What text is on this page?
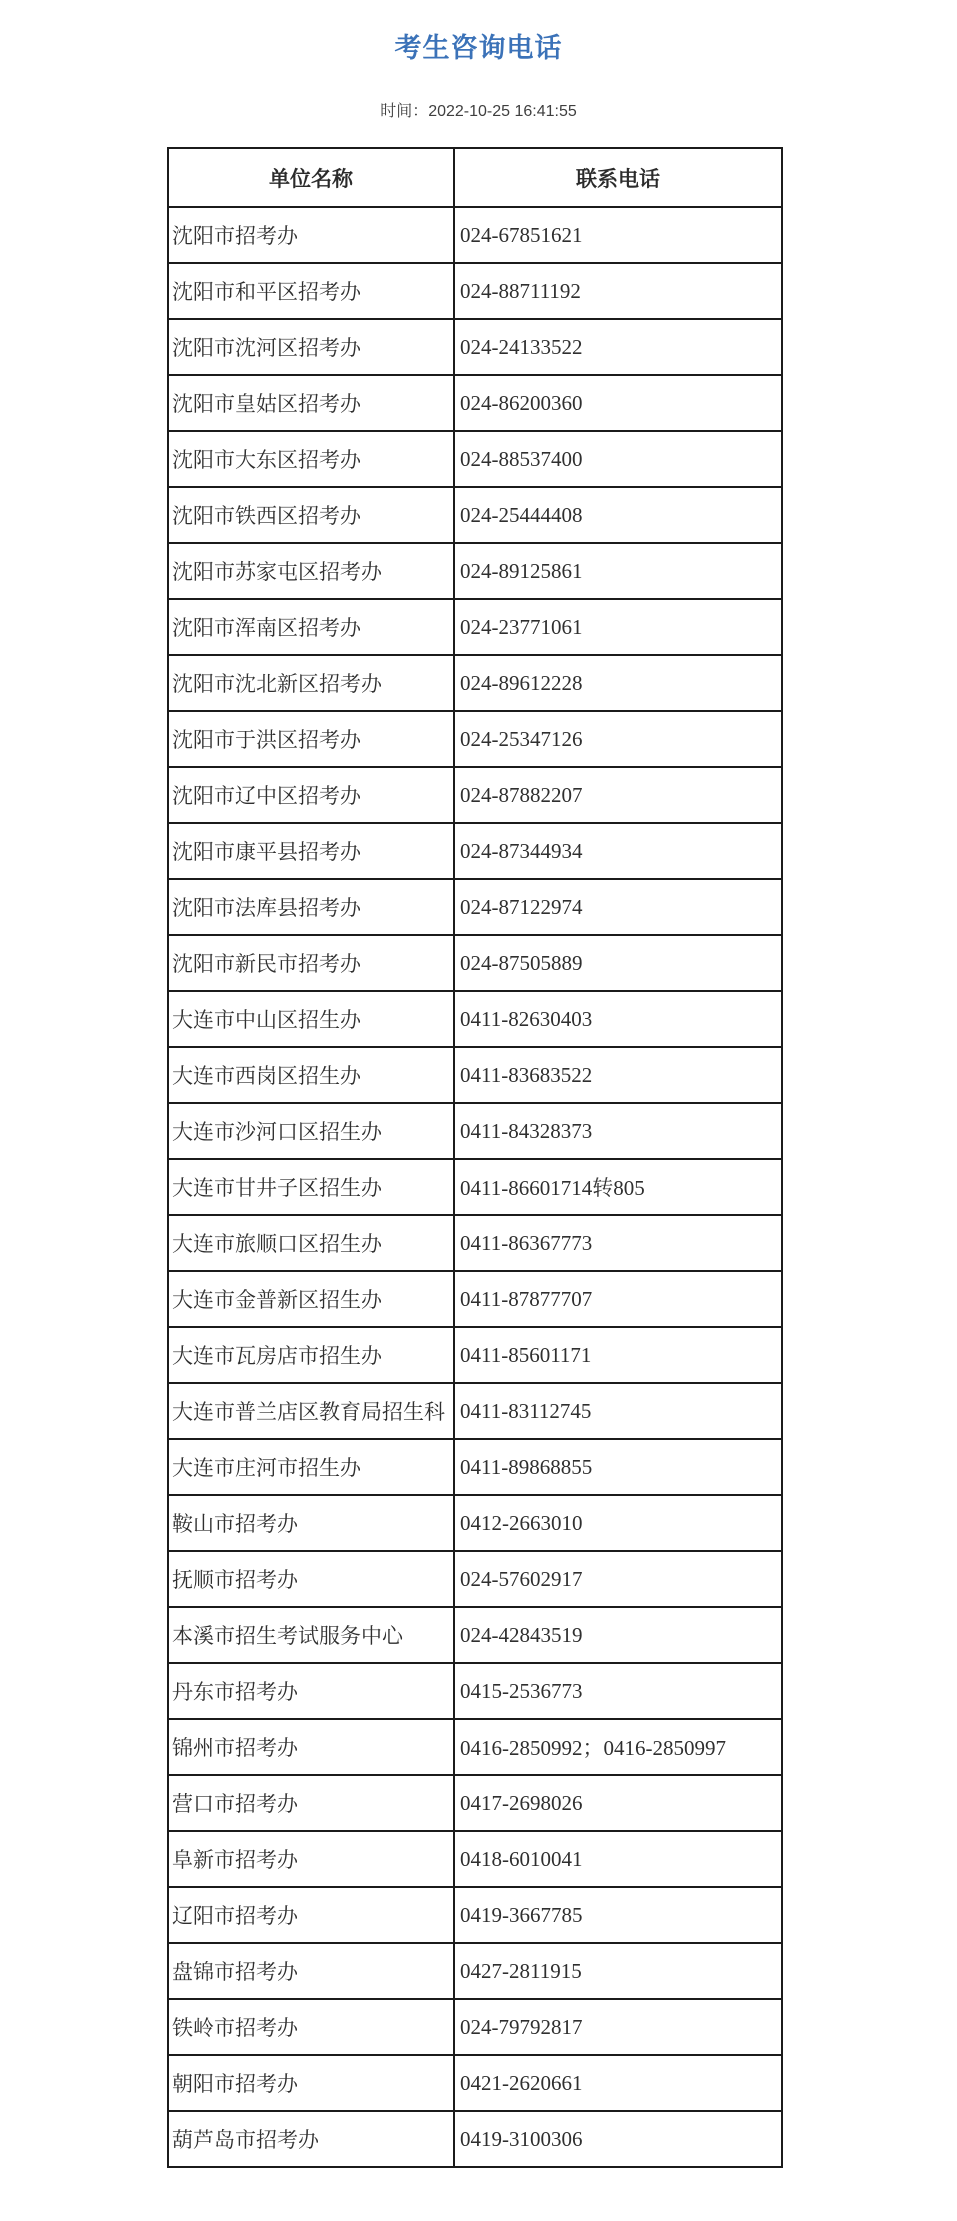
考生咨询电话
时间：2022-10-25 16:41:55
单位名称	联系电话
沈阳市招考办	024-67851621
沈阳市和平区招考办	024-88711192
沈阳市沈河区招考办	024-24133522
沈阳市皇姑区招考办	024-86200360
沈阳市大东区招考办	024-88537400
沈阳市铁西区招考办	024-25444408
沈阳市苏家屯区招考办	024-89125861
沈阳市浑南区招考办	024-23771061
沈阳市沈北新区招考办	024-89612228
沈阳市于洪区招考办	024-25347126
沈阳市辽中区招考办	024-87882207
沈阳市康平县招考办	024-87344934
沈阳市法库县招考办	024-87122974
沈阳市新民市招考办	024-87505889
大连市中山区招生办	0411-82630403
大连市西岗区招生办	0411-83683522
大连市沙河口区招生办	0411-84328373
大连市甘井子区招生办	0411-86601714转805
大连市旅顺口区招生办	0411-86367773
大连市金普新区招生办	0411-87877707
大连市瓦房店市招生办	0411-85601171
大连市普兰店区教育局招生科	0411-83112745
大连市庄河市招生办	0411-89868855
鞍山市招考办	0412-2663010
抚顺市招考办	024-57602917
本溪市招生考试服务中心	024-42843519
丹东市招考办	0415-2536773
锦州市招考办	0416-2850992；0416-2850997
营口市招考办	0417-2698026
阜新市招考办	0418-6010041
辽阳市招考办	0419-3667785
盘锦市招考办	0427-2811915
铁岭市招考办	024-79792817
朝阳市招考办	0421-2620661
葫芦岛市招考办	0419-3100306
